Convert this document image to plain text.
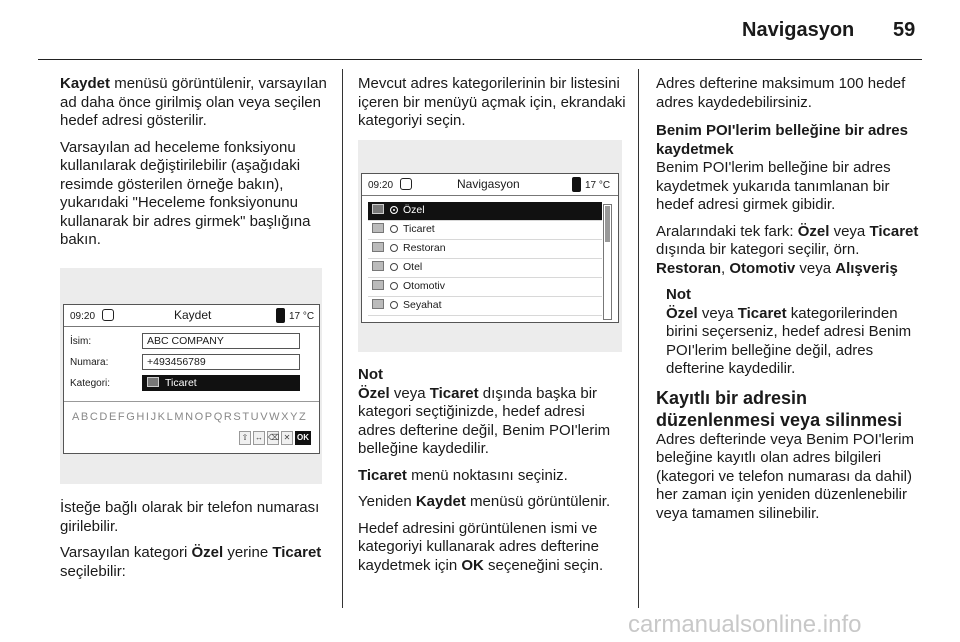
Navigasyon 59

Kaydet menüsü görüntülenir, varsayılan ad daha önce girilmiş olan veya seçilen hedef adresi gösterilir.

Varsayılan ad heceleme fonksiyonu kullanılarak değiştirilebilir (aşağıdaki resimde gösterilen örneğe bakın), yukarıdaki "Heceleme fonksiyonunu kullanarak bir adres girmek" başlığına bakın.

09:20	Kaydet	17 °C
İsim:	ABC COMPANY
Numara:	+493456789
Kategori:	Ticaret
ABCDEFGHIJKLMNOPQRSTUVWXYZ
⇧ ↔ ⌫ ✕ OK

İsteğe bağlı olarak bir telefon numarası girilebilir.

Varsayılan kategori Özel yerine Ticaret seçilebilir:

Mevcut adres kategorilerinin bir listesini içeren bir menüyü açmak için, ekrandaki kategoriyi seçin.

09:20	Navigasyon	17 °C
Özel
Ticaret
Restoran
Otel
Otomotiv
Seyahat

Not
Özel veya Ticaret dışında başka bir kategori seçtiğinizde, hedef adresi adres defterine değil, Benim POI'lerim belleğine kaydedilir.

Ticaret menü noktasını seçiniz.

Yeniden Kaydet menüsü görüntülenir.

Hedef adresini görüntülenen ismi ve kategoriyi kullanarak adres defterine kaydetmek için OK seçeneğini seçin.

Adres defterine maksimum 100 hedef adres kaydedebilirsiniz.

Benim POI'lerim belleğine bir adres kaydetmek

Benim POI'lerim belleğine bir adres kaydetmek yukarıda tanımlanan bir hedef adresi girmek gibidir.

Aralarındaki tek fark: Özel veya Ticaret dışında bir kategori seçilir, örn. Restoran, Otomotiv veya Alışveriş

Not
Özel veya Ticaret kategorilerinden birini seçerseniz, hedef adresi Benim POI'lerim belleğine değil, adres defterine kaydedilir.

Kayıtlı bir adresin düzenlenmesi veya silinmesi

Adres defterinde veya Benim POI'lerim beleğine kayıtlı olan adres bilgileri (kategori ve telefon numarası da dahil) her zaman için yeniden düzenlenebilir veya tamamen silinebilir.

carmanualsonline.info
